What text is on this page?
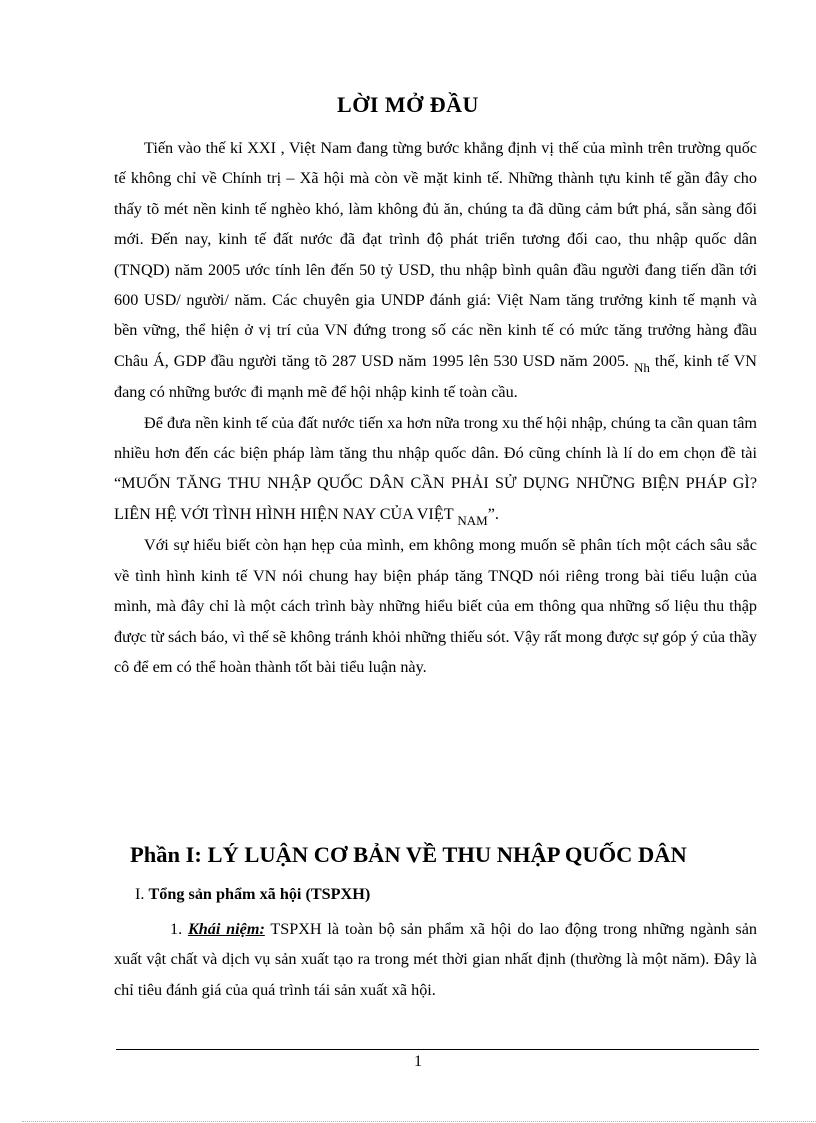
LỜI MỞ ĐẦU

Tiến vào thế kỉ XXI , Việt Nam đang từng bước khẳng định vị thế của mình trên trường quốc tế không chỉ về Chính trị – Xã hội mà còn về mặt kinh tế. Những thành tựu kinh tế gần đây cho thấy tõ mét nền kinh tế nghèo khó, làm không đủ ăn, chúng ta đã dũng cảm bứt phá, sẵn sàng đổi mới. Đến nay, kinh tế đất nước đã đạt trình độ phát triển tương đối cao, thu nhập quốc dân (TNQD) năm 2005 ước tính lên đến 50 tỷ USD, thu nhập bình quân đầu người đang tiến dần tới 600 USD/ người/ năm. Các chuyên gia UNDP đánh giá: Việt Nam tăng trưởng kinh tế mạnh và bền vững, thể hiện ở vị trí của VN đứng trong số các nền kinh tế có mức tăng trưởng hàng đầu Châu Á, GDP đầu người tăng tõ 287 USD năm 1995 lên 530 USD năm 2005. $_{Nh}$ thế, kinh tế VN đang có những bước đi mạnh mẽ để hội nhập kinh tế toàn cầu.

Để đưa nền kinh tế của đất nước tiến xa hơn nữa trong xu thế hội nhập, chúng ta cần quan tâm nhiều hơn đến các biện pháp làm tăng thu nhập quốc dân. Đó cũng chính là lí do em chọn đề tài “MUỐN TĂNG THU NHẬP QUỐC DÂN CẦN PHẢI SỬ DỤNG NHỮNG BIỆN PHÁP GÌ? LIÊN HỆ VỚI TÌNH HÌNH HIỆN NAY CỦA VIỆT $_{NAM}$”.

Với sự hiểu biết còn hạn hẹp của mình, em không mong muốn sẽ phân tích một cách sâu sắc về tình hình kinh tế VN nói chung hay biện pháp tăng TNQD nói riêng trong bài tiểu luận của mình, mà đây chỉ là một cách trình bày những hiểu biết của em thông qua những số liệu thu thập được từ sách báo, vì thế sẽ không tránh khỏi những thiếu sót. Vậy rất mong được sự góp ý của thầy cô để em có thể hoàn thành tốt bài tiểu luận này.

Phần I: LÝ LUẬN CƠ BẢN VỀ THU NHẬP QUỐC DÂN
I. Tổng sản phẩm xã hội (TSPXH)

1. Khái niệm: TSPXH là toàn bộ sản phẩm xã hội do lao động trong những ngành sản xuất vật chất và dịch vụ sản xuất tạo ra trong mét thời gian nhất định (thường là một năm). Đây là chỉ tiêu đánh giá của quá trình tái sản xuất xã hội.

1
